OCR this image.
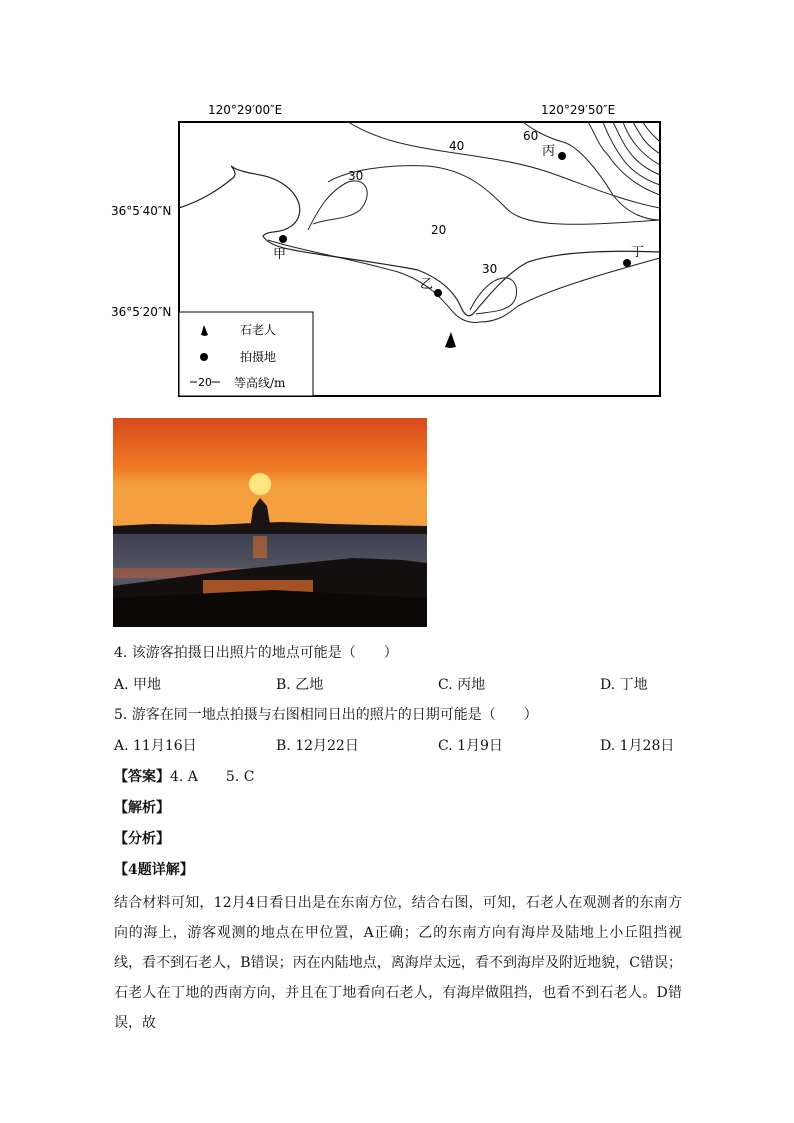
120°29′00″E	120°29′50″E
36°5′40″N
36°5′20″N
40
60
30
20
30
甲
乙
丙
丁
石老人
拍摄地
20 等高线/m
4. 该游客拍摄日出照片的地点可能是（　　）
A. 甲地	B. 乙地	C. 丙地	D. 丁地
5. 游客在同一地点拍摄与右图相同日出的照片的日期可能是（　　）
A. 11月16日	B. 12月22日	C. 1月9日	D. 1月28日
【答案】4. A　　5. C
【解析】
【分析】
【4题详解】
结合材料可知，12月4日看日出是在东南方位，结合右图，可知，石老人在观测者的东南方向的海上，游客观测的地点在甲位置，A正确；乙的东南方向有海岸及陆地上小丘阻挡视线，看不到石老人，B错误；丙在内陆地点，离海岸太远，看不到海岸及附近地貌，C错误；石老人在丁地的西南方向，并且在丁地看向石老人，有海岸做阻挡，也看不到石老人。D错误，故
